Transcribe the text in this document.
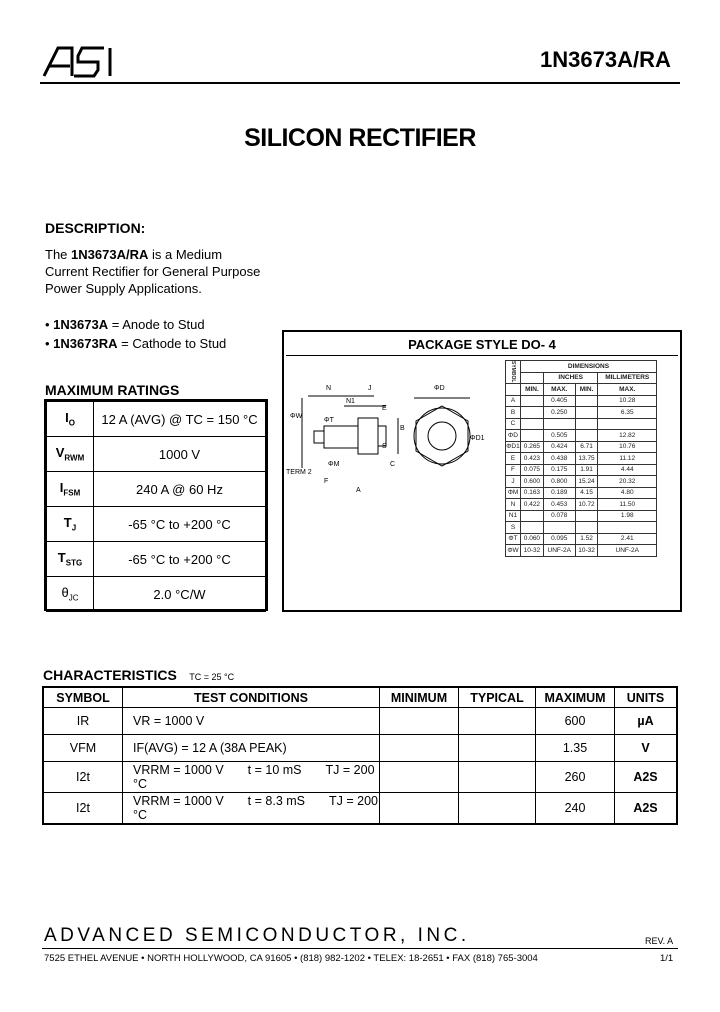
ASI
1N3673A/RA
SILICON RECTIFIER
DESCRIPTION:
The 1N3673A/RA is a Medium
Current Rectifier for General Purpose
Power Supply Applications.
• 1N3673A = Anode to Stud
• 1N3673RA = Cathode to Stud
MAXIMUM RATINGS
$I_O$	12 A (AVG) @ TC = 150 °C
$V_{RWM}$	1000 V
$I_{FSM}$	240 A @ 60 Hz
$T_J$	-65 °C to +200 °C
$T_{STG}$	-65 °C to +200 °C
$\theta_{JC}$	2.0 °C/W
PACKAGE STYLE DO- 4
N	J
N1
ΦW
ΦT
ΦM
TERM 2
F
ΦD
ΦD1
B
E
A
C
S
SYMBOL	DIMENSIONS			
		INCHES		MILLIMETERS
	MIN.	MAX.	MIN.	MAX.
A		0.405		10.28
B		0.250		6.35
C				
ΦD		0.505		12.82
ΦD1	0.265	0.424	6.71	10.76
E	0.423	0.438	13.75	11.12
F	0.075	0.175	1.91	4.44
J	0.600	0.800	15.24	20.32
ΦM	0.163	0.189	4.15	4.80
N	0.422	0.453	10.72	11.50
N1		0.078		1.98
S				
ΦT	0.060	0.095	1.52	2.41
ΦW	10-32	UNF-2A	10-32	UNF-2A
CHARACTERISTICS TC = 25 °C
SYMBOL	TEST CONDITIONS	MINIMUM	TYPICAL	MAXIMUM	UNITS
IR	VR = 1000 V			600	µA
VFM	IF(AVG) = 12 A (38A PEAK)			1.35	V
I2t	VRRM = 1000 V t = 10 mS TJ = 200 °C			260	A2S
I2t	VRRM = 1000 V t = 8.3 mS TJ = 200 °C			240	A2S
ADVANCED SEMICONDUCTOR, INC.	REV. A
7525 ETHEL AVENUE • NORTH HOLLYWOOD, CA 91605 • (818) 982-1202 • TELEX: 18-2651 • FAX (818) 765-3004	1/1
